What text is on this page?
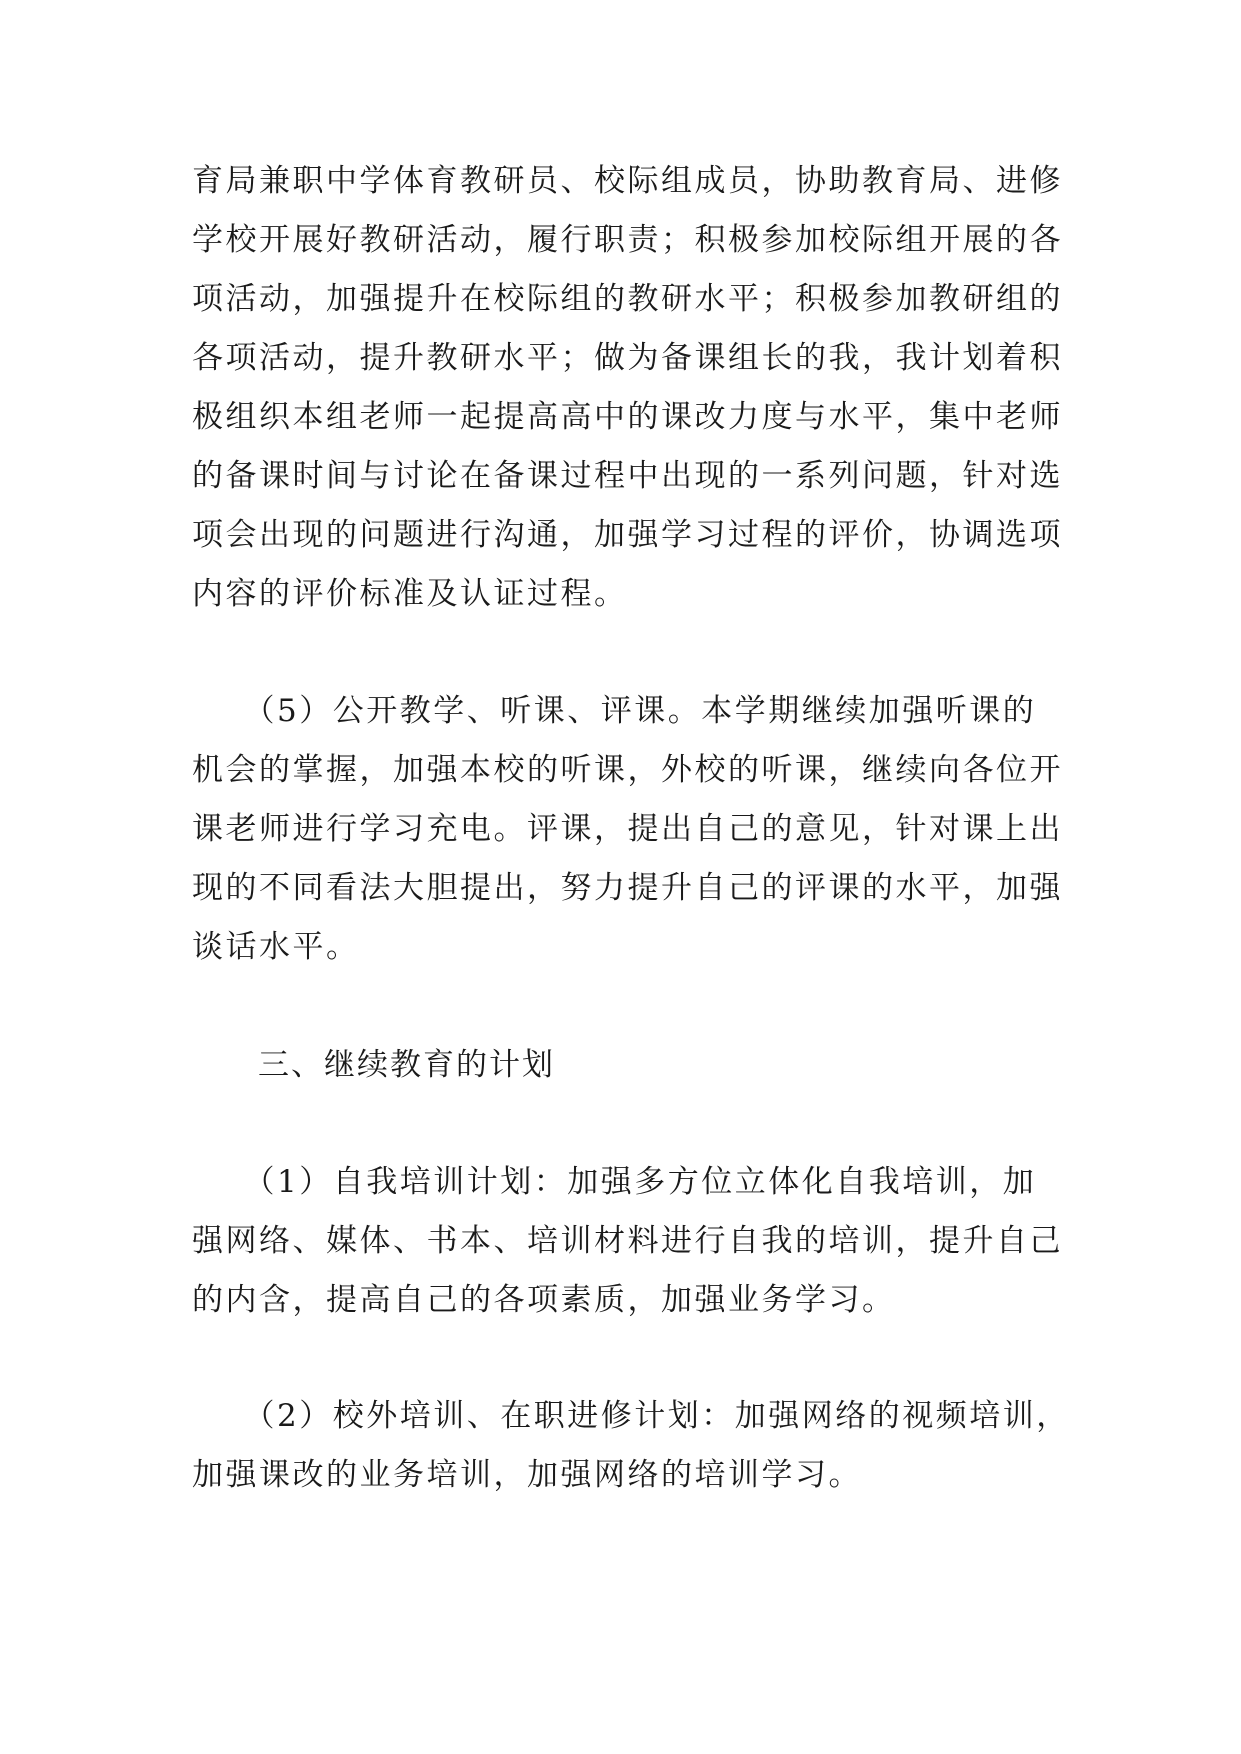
育局兼职中学体育教研员、校际组成员，协助教育局、进修
学校开展好教研活动，履行职责；积极参加校际组开展的各
项活动，加强提升在校际组的教研水平；积极参加教研组的
各项活动，提升教研水平；做为备课组长的我，我计划着积
极组织本组老师一起提高高中的课改力度与水平，集中老师
的备课时间与讨论在备课过程中出现的一系列问题，针对选
项会出现的问题进行沟通，加强学习过程的评价，协调选项
内容的评价标准及认证过程。
　　（5）公开教学、听课、评课。本学期继续加强听课的
机会的掌握，加强本校的听课，外校的听课，继续向各位开
课老师进行学习充电。评课，提出自己的意见，针对课上出
现的不同看法大胆提出，努力提升自己的评课的水平，加强
谈话水平。
　　三、继续教育的计划
　　（1）自我培训计划：加强多方位立体化自我培训，加
强网络、媒体、书本、培训材料进行自我的培训，提升自己
的内含，提高自己的各项素质，加强业务学习。
　　（2）校外培训、在职进修计划：加强网络的视频培训，
加强课改的业务培训，加强网络的培训学习。
